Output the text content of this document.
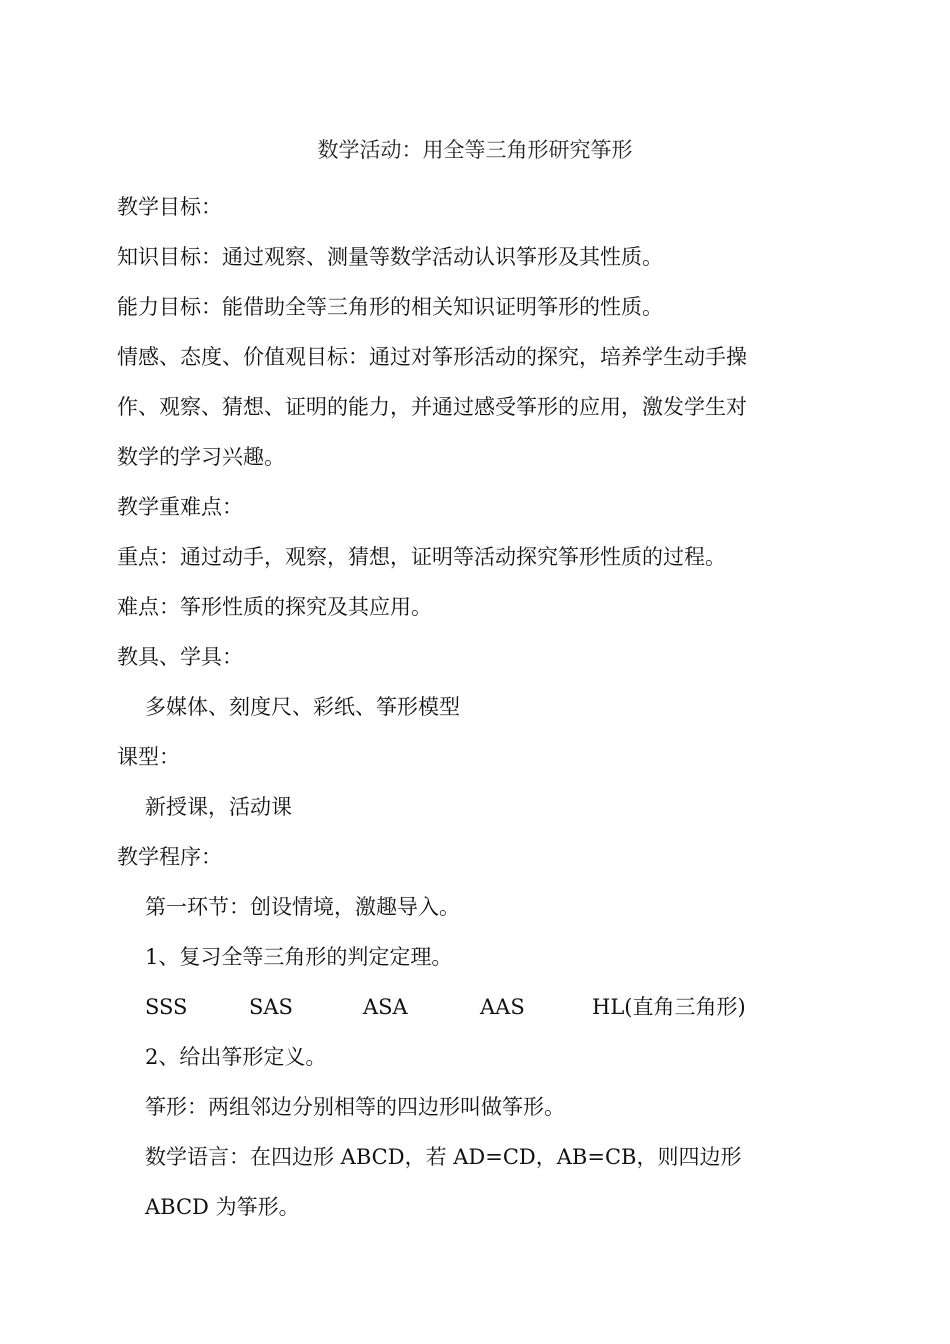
数学活动：用全等三角形研究筝形
教学目标：
知识目标：通过观察、测量等数学活动认识筝形及其性质。
能力目标：能借助全等三角形的相关知识证明筝形的性质。
情感、态度、价值观目标：通过对筝形活动的探究，培养学生动手操
作、观察、猜想、证明的能力，并通过感受筝形的应用，激发学生对
数学的学习兴趣。
教学重难点：
重点：通过动手，观察，猜想，证明等活动探究筝形性质的过程。
难点：筝形性质的探究及其应用。
教具、学具：
多媒体、刻度尺、彩纸、筝形模型
课型：
新授课，活动课
教学程序：
第一环节：创设情境，激趣导入。
1、复习全等三角形的判定定理。
SSS	SAS	ASA	AAS	HL(直角三角形)
2、给出筝形定义。
筝形：两组邻边分别相等的四边形叫做筝形。
数学语言：在四边形 ABCD，若 AD=CD，AB=CB，则四边形
ABCD 为筝形。
